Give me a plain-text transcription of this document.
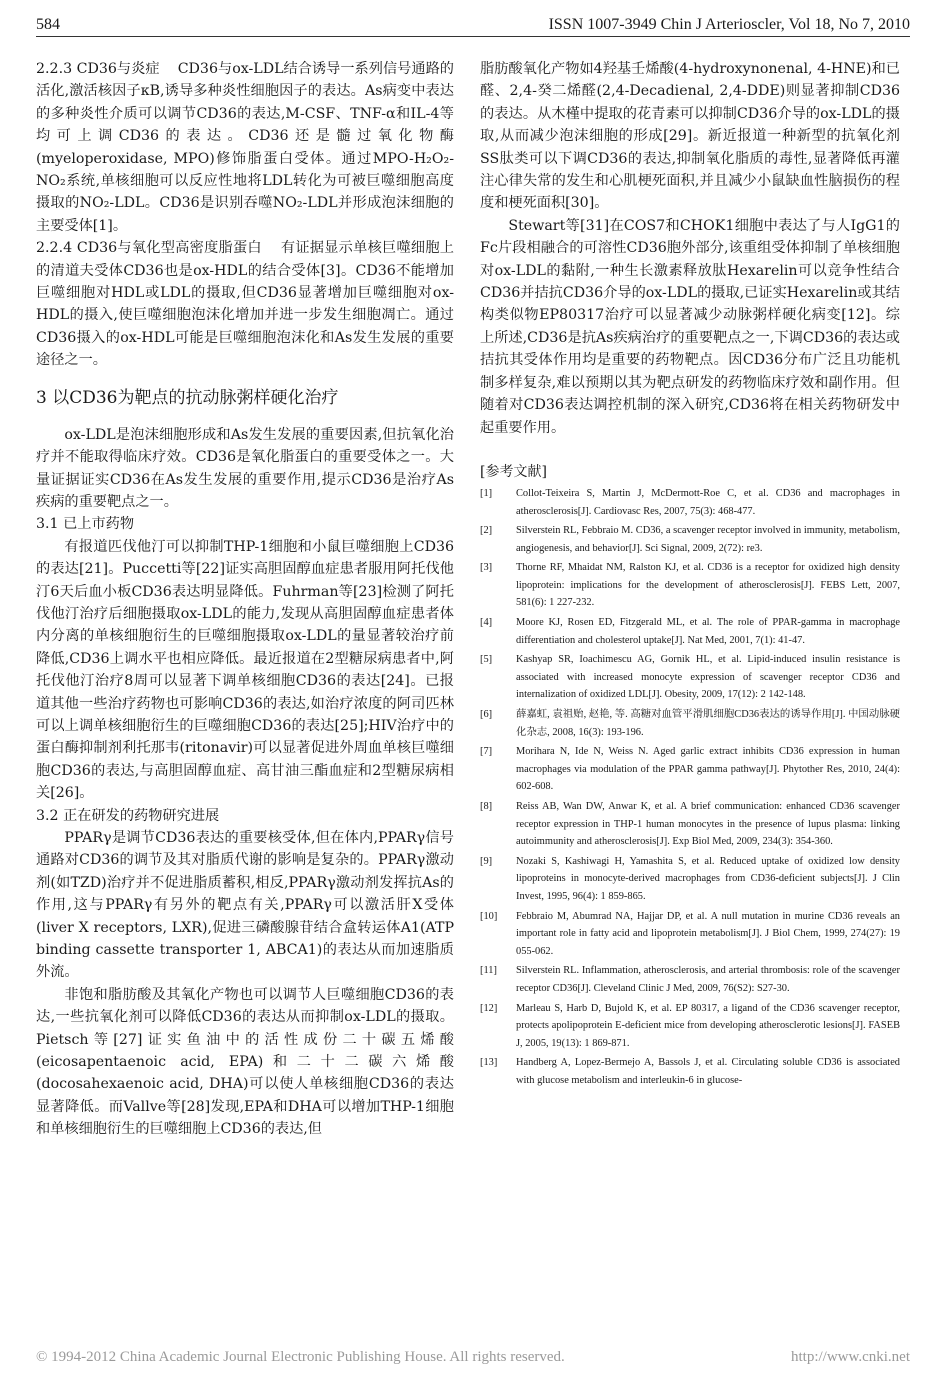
584	ISSN 1007-3949 Chin J Arterioscler, Vol 18, No 7, 2010

2.2.3 CD36与炎症 CD36与ox-LDL结合诱导一系列信号通路的活化,激活核因子κB,诱导多种炎性细胞因子的表达。As病变中表达的多种炎性介质可以调节CD36的表达,M-CSF、TNF-α和IL-4等均可上调CD36的表达。CD36还是髓过氧化物酶(myeloperoxidase, MPO)修饰脂蛋白受体。通过MPO-H₂O₂-NO₂系统,单核细胞可以反应性地将LDL转化为可被巨噬细胞高度摄取的NO₂-LDL。CD36是识别吞噬NO₂-LDL并形成泡沫细胞的主要受体[1]。

2.2.4 CD36与氧化型高密度脂蛋白 有证据显示单核巨噬细胞上的清道夫受体CD36也是ox-HDL的结合受体[3]。CD36不能增加巨噬细胞对HDL或LDL的摄取,但CD36显著增加巨噬细胞对ox-HDL的摄入,使巨噬细胞泡沫化增加并进一步发生细胞凋亡。通过CD36摄入的ox-HDL可能是巨噬细胞泡沫化和As发生发展的重要途径之一。

3 以CD36为靶点的抗动脉粥样硬化治疗

ox-LDL是泡沫细胞形成和As发生发展的重要因素,但抗氧化治疗并不能取得临床疗效。CD36是氧化脂蛋白的重要受体之一。大量证据证实CD36在As发生发展的重要作用,提示CD36是治疗As疾病的重要靶点之一。

3.1 已上市药物

有报道匹伐他汀可以抑制THP-1细胞和小鼠巨噬细胞上CD36的表达[21]。Puccetti等[22]证实高胆固醇血症患者服用阿托伐他汀6天后血小板CD36表达明显降低。Fuhrman等[23]检测了阿托伐他汀治疗后细胞摄取ox-LDL的能力,发现从高胆固醇血症患者体内分离的单核细胞衍生的巨噬细胞摄取ox-LDL的量显著较治疗前降低,CD36上调水平也相应降低。最近报道在2型糖尿病患者中,阿托伐他汀治疗8周可以显著下调单核细胞CD36的表达[24]。已报道其他一些治疗药物也可影响CD36的表达,如治疗浓度的阿司匹林可以上调单核细胞衍生的巨噬细胞CD36的表达[25];HIV治疗中的蛋白酶抑制剂利托那韦(ritonavir)可以显著促进外周血单核巨噬细胞CD36的表达,与高胆固醇血症、高甘油三酯血症和2型糖尿病相关[26]。

3.2 正在研发的药物研究进展

PPARγ是调节CD36表达的重要核受体,但在体内,PPARγ信号通路对CD36的调节及其对脂质代谢的影响是复杂的。PPARγ激动剂(如TZD)治疗并不促进脂质蓄积,相反,PPARγ激动剂发挥抗As的作用,这与PPARγ有另外的靶点有关,PPARγ可以激活肝X受体(liver X receptors, LXR),促进三磷酸腺苷结合盒转运体A1(ATP binding cassette transporter 1, ABCA1)的表达从而加速脂质外流。

非饱和脂肪酸及其氧化产物也可以调节人巨噬细胞CD36的表达,一些抗氧化剂可以降低CD36的表达从而抑制ox-LDL的摄取。Pietsch等[27]证实鱼油中的活性成份二十碳五烯酸(eicosapentaenoic acid, EPA)和二十二碳六烯酸(docosahexaenoic acid, DHA)可以使人单核细胞CD36的表达显著降低。而Vallve等[28]发现,EPA和DHA可以增加THP-1细胞和单核细胞衍生的巨噬细胞上CD36的表达,但

脂肪酸氧化产物如4羟基壬烯酸(4-hydroxynonenal, 4-HNE)和已醛、2,4-癸二烯醛(2,4-Decadienal, 2,4-DDE)则显著抑制CD36的表达。从木槿中提取的花青素可以抑制CD36介导的ox-LDL的摄取,从而减少泡沫细胞的形成[29]。新近报道一种新型的抗氧化剂SS肽类可以下调CD36的表达,抑制氧化脂质的毒性,显著降低再灌注心律失常的发生和心肌梗死面积,并且减少小鼠缺血性脑损伤的程度和梗死面积[30]。

Stewart等[31]在COS7和CHOK1细胞中表达了与人IgG1的Fc片段相融合的可溶性CD36胞外部分,该重组受体抑制了单核细胞对ox-LDL的黏附,一种生长激素释放肽Hexarelin可以竞争性结合CD36并拮抗CD36介导的ox-LDL的摄取,已证实Hexarelin或其结构类似物EP80317治疗可以显著减少动脉粥样硬化病变[12]。综上所述,CD36是抗As疾病治疗的重要靶点之一,下调CD36的表达或拮抗其受体作用均是重要的药物靶点。因CD36分布广泛且功能机制多样复杂,难以预期以其为靶点研发的药物临床疗效和副作用。但随着对CD36表达调控机制的深入研究,CD36将在相关药物研发中起重要作用。

[参考文献]
[1]	Collot-Teixeira S, Martin J, McDermott-Roe C, et al. CD36 and macrophages in atherosclerosis[J]. Cardiovasc Res, 2007, 75(3): 468-477.
[2]	Silverstein RL, Febbraio M. CD36, a scavenger receptor involved in immunity, metabolism, angiogenesis, and behavior[J]. Sci Signal, 2009, 2(72): re3.
[3]	Thorne RF, Mhaidat NM, Ralston KJ, et al. CD36 is a receptor for oxidized high density lipoprotein: implications for the development of atherosclerosis[J]. FEBS Lett, 2007, 581(6): 1 227-232.
[4]	Moore KJ, Rosen ED, Fitzgerald ML, et al. The role of PPAR-gamma in macrophage differentiation and cholesterol uptake[J]. Nat Med, 2001, 7(1): 41-47.
[5]	Kashyap SR, Ioachimescu AG, Gornik HL, et al. Lipid-induced insulin resistance is associated with increased monocyte expression of scavenger receptor CD36 and internalization of oxidized LDL[J]. Obesity, 2009, 17(12): 2 142-148.
[6]	薛嘉虹, 袁祖贻, 赵艳, 等. 高糖对血管平滑肌细胞CD36表达的诱导作用[J]. 中国动脉硬化杂志, 2008, 16(3): 193-196.
[7]	Morihara N, Ide N, Weiss N. Aged garlic extract inhibits CD36 expression in human macrophages via modulation of the PPAR gamma pathway[J]. Phytother Res, 2010, 24(4): 602-608.
[8]	Reiss AB, Wan DW, Anwar K, et al. A brief communication: enhanced CD36 scavenger receptor expression in THP-1 human monocytes in the presence of lupus plasma: linking autoimmunity and atherosclerosis[J]. Exp Biol Med, 2009, 234(3): 354-360.
[9]	Nozaki S, Kashiwagi H, Yamashita S, et al. Reduced uptake of oxidized low density lipoproteins in monocyte-derived macrophages from CD36-deficient subjects[J]. J Clin Invest, 1995, 96(4): 1 859-865.
[10]	Febbraio M, Abumrad NA, Hajjar DP, et al. A null mutation in murine CD36 reveals an important role in fatty acid and lipoprotein metabolism[J]. J Biol Chem, 1999, 274(27): 19 055-062.
[11]	Silverstein RL. Inflammation, atherosclerosis, and arterial thrombosis: role of the scavenger receptor CD36[J]. Cleveland Clinic J Med, 2009, 76(S2): S27-30.
[12]	Marleau S, Harb D, Bujold K, et al. EP 80317, a ligand of the CD36 scavenger receptor, protects apolipoprotein E-deficient mice from developing atherosclerotic lesions[J]. FASEB J, 2005, 19(13): 1 869-871.
[13]	Handberg A, Lopez-Bermejo A, Bassols J, et al. Circulating soluble CD36 is associated with glucose metabolism and interleukin-6 in glucose-
© 1994-2012 China Academic Journal Electronic Publishing House. All rights reserved.	http://www.cnki.net
